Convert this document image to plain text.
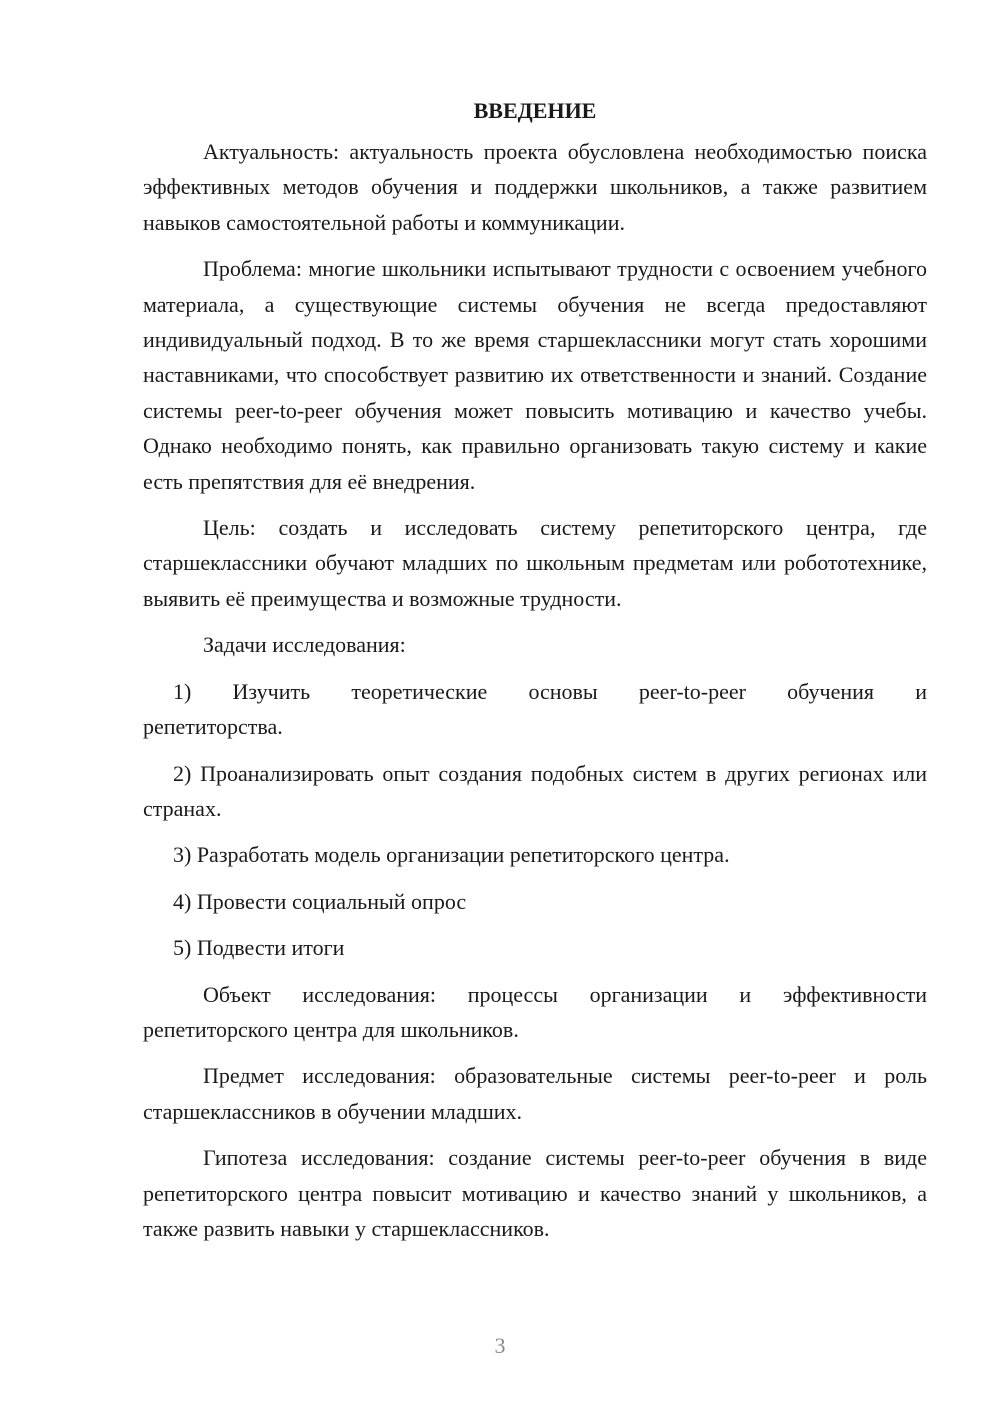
ВВЕДЕНИЕ

Актуальность: актуальность проекта обусловлена необходимостью поиска эффективных методов обучения и поддержки школьников, а также развитием навыков самостоятельной работы и коммуникации.

Проблема: многие школьники испытывают трудности с освоением учебного материала, а существующие системы обучения не всегда предоставляют индивидуальный подход. В то же время старшеклассники могут стать хорошими наставниками, что способствует развитию их ответственности и знаний. Создание системы peer-to-peer обучения может повысить мотивацию и качество учебы. Однако необходимо понять, как правильно организовать такую систему и какие есть препятствия для её внедрения.

Цель: создать и исследовать систему репетиторского центра, где старшеклассники обучают младших по школьным предметам или робототехнике, выявить её преимущества и возможные трудности.

Задачи исследования:

1) Изучить теоретические основы peer-to-peer обучения и

репетиторства.

2) Проанализировать опыт создания подобных систем в других регионах или странах.

3) Разработать модель организации репетиторского центра.

4) Провести социальный опрос

5) Подвести итоги

Объект исследования: процессы организации и эффективности репетиторского центра для школьников.

Предмет исследования: образовательные системы peer-to-peer и роль старшеклассников в обучении младших.

Гипотеза исследования: создание системы peer-to-peer обучения в виде репетиторского центра повысит мотивацию и качество знаний у школьников, а также развить навыки у старшеклассников.

3
